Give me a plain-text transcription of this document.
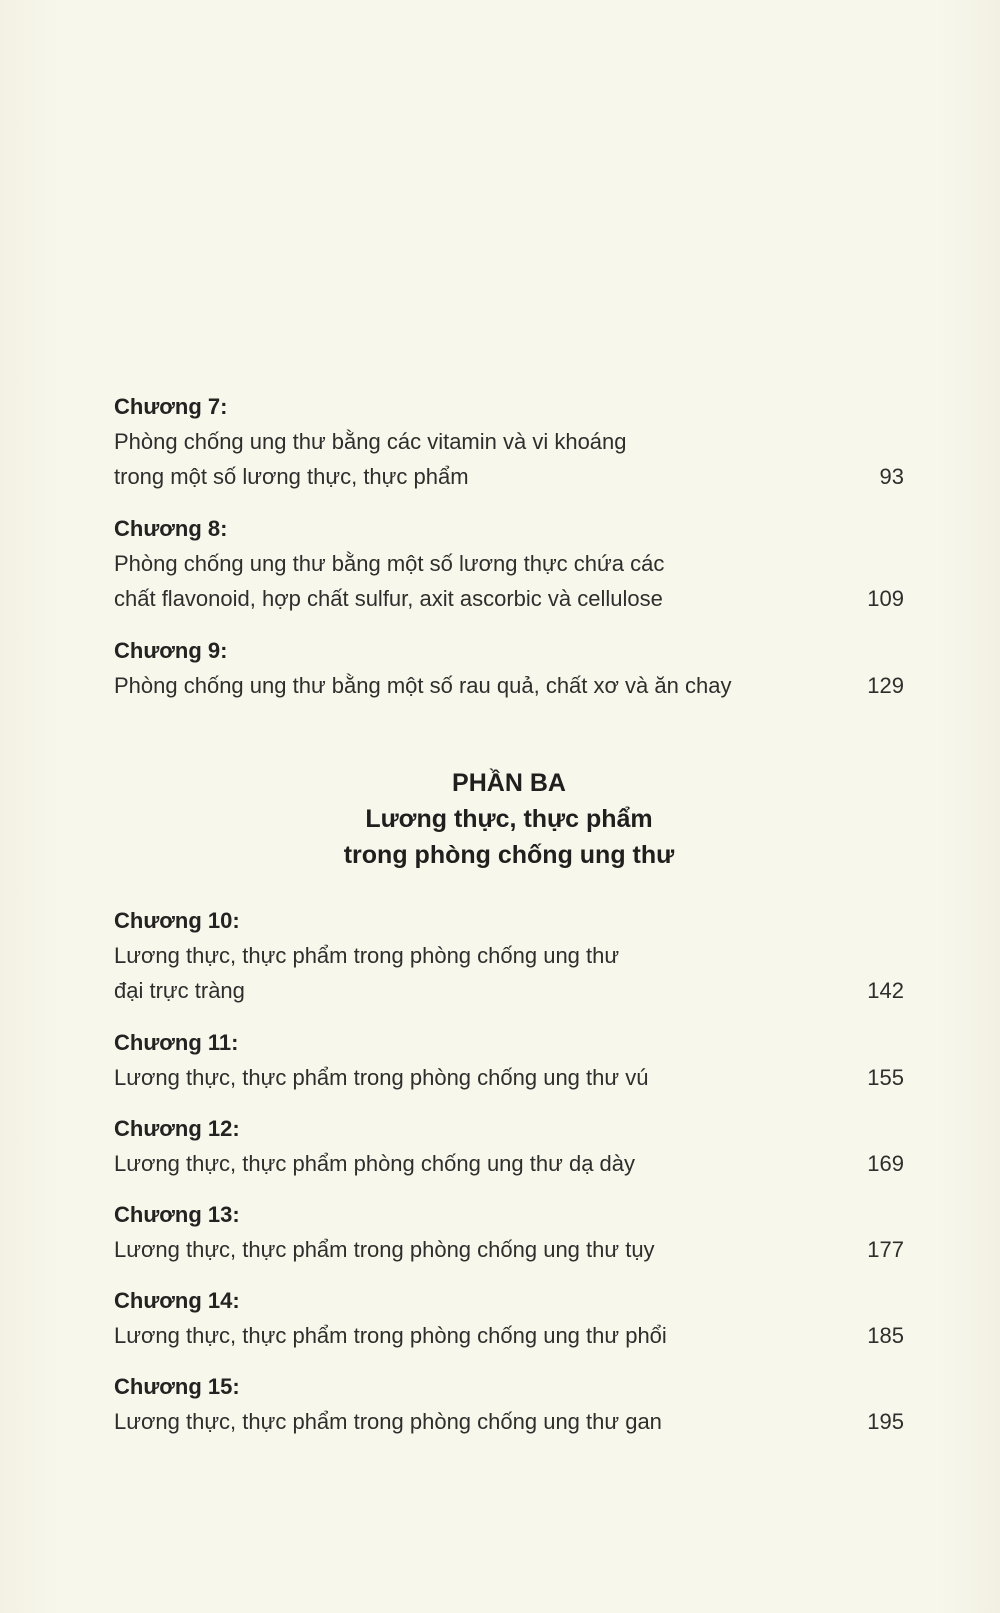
Chương 7:
Phòng chống ung thư bằng các vitamin và vi khoáng
trong một số lương thực, thực phẩm	93
Chương 8:
Phòng chống ung thư bằng một số lương thực chứa các
chất flavonoid, hợp chất sulfur, axit ascorbic và cellulose	109
Chương 9:
Phòng chống ung thư bằng một số rau quả, chất xơ và ăn chay	129
PHẦN BA
Lương thực, thực phẩm
trong phòng chống ung thư
Chương 10:
Lương thực, thực phẩm trong phòng chống ung thư
đại trực tràng	142
Chương 11:
Lương thực, thực phẩm trong phòng chống ung thư vú	155
Chương 12:
Lương thực, thực phẩm phòng chống ung thư dạ dày	169
Chương 13:
Lương thực, thực phẩm trong phòng chống ung thư tụy	177
Chương 14:
Lương thực, thực phẩm trong phòng chống ung thư phổi	185
Chương 15:
Lương thực, thực phẩm trong phòng chống ung thư gan	195
